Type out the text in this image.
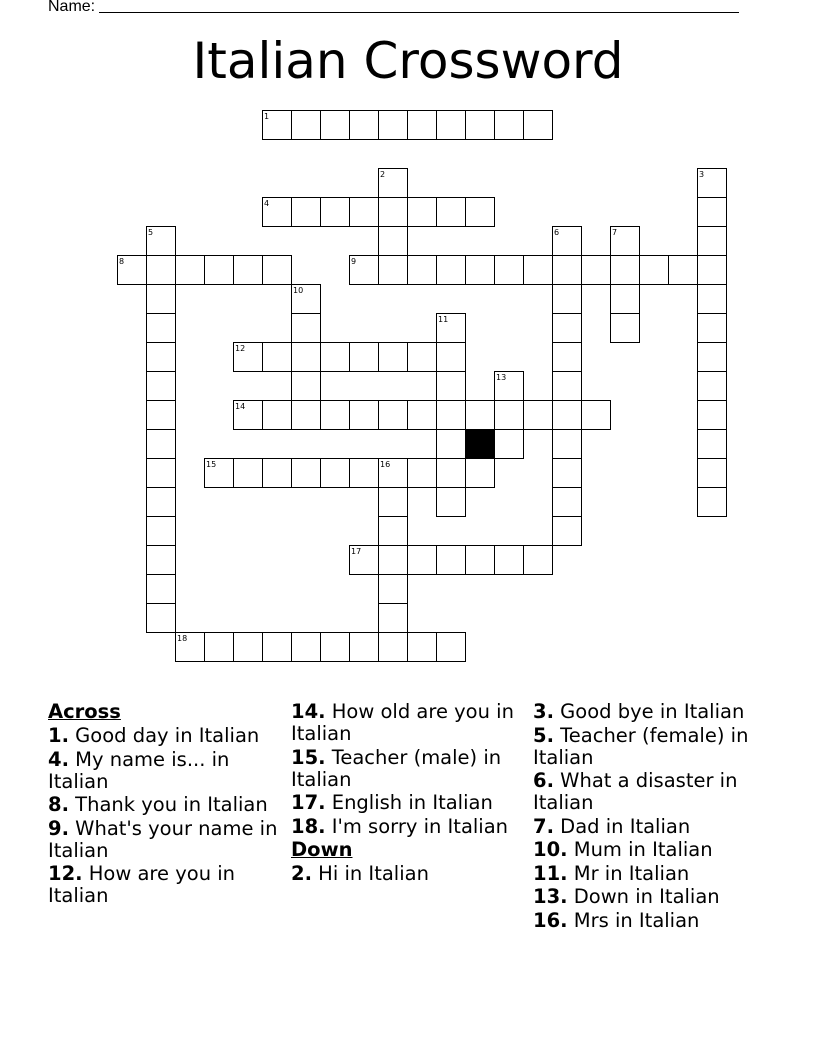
Name:
Italian Crossword
1
2	3
4
5	6	7
8	9
10
11
12
13
14
15	16
17
18
Across
1. Good day in Italian
4. My name is... in Italian
8. Thank you in Italian
9. What's your name in Italian
12. How are you in Italian
14. How old are you in Italian
15. Teacher (male) in Italian
17. English in Italian
18. I'm sorry in Italian
Down
2. Hi in Italian
3. Good bye in Italian
5. Teacher (female) in Italian
6. What a disaster in Italian
7. Dad in Italian
10. Mum in Italian
11. Mr in Italian
13. Down in Italian
16. Mrs in Italian
